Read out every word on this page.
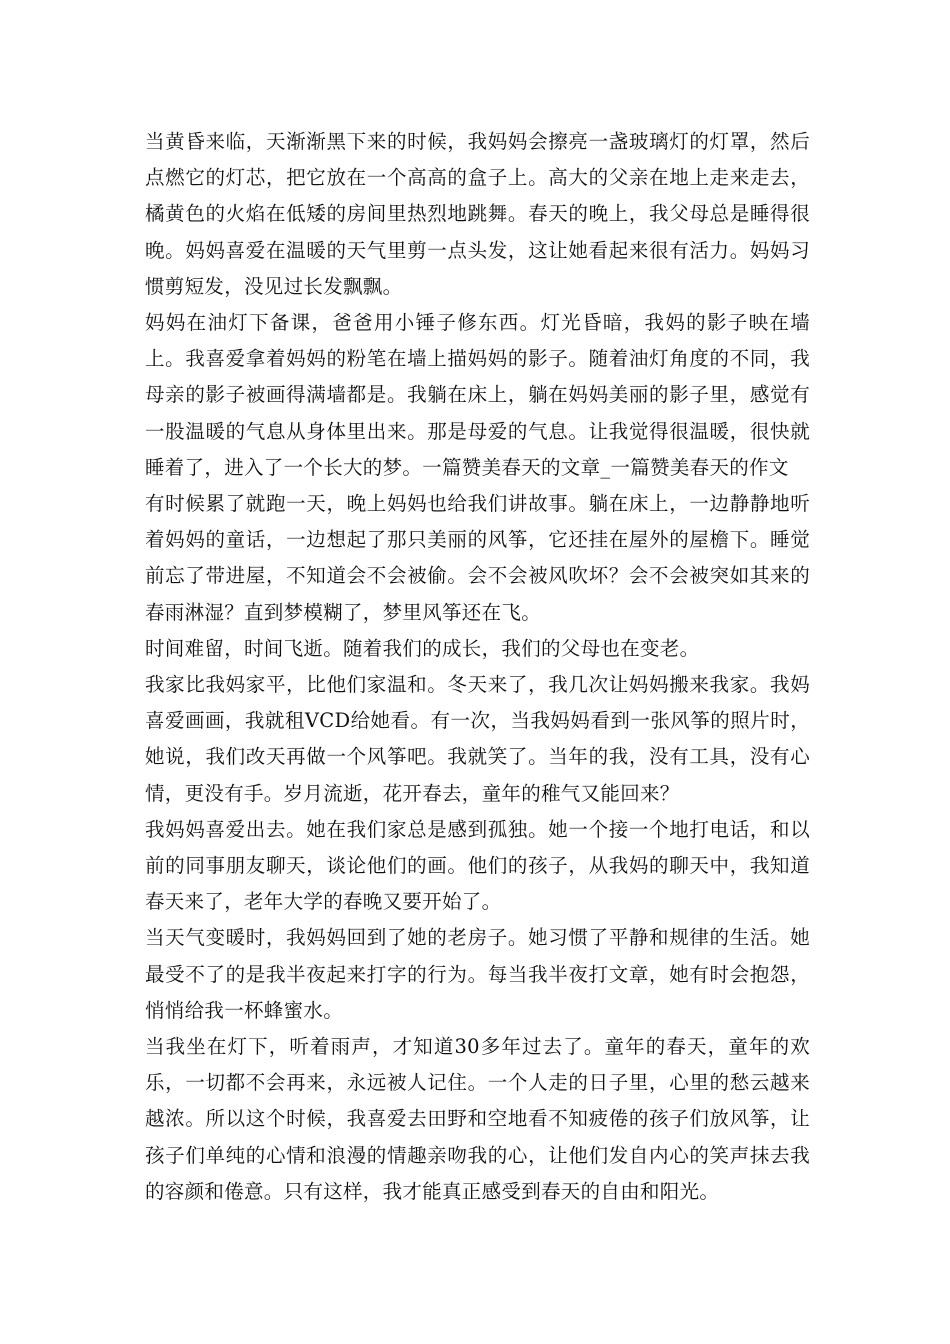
当黄昏来临，天渐渐黑下来的时候，我妈妈会擦亮一盏玻璃灯的灯罩，然后点燃它的灯芯，把它放在一个高高的盒子上。高大的父亲在地上走来走去，橘黄色的火焰在低矮的房间里热烈地跳舞。春天的晚上，我父母总是睡得很晚。妈妈喜爱在温暖的天气里剪一点头发，这让她看起来很有活力。妈妈习惯剪短发，没见过长发飘飘。

妈妈在油灯下备课，爸爸用小锤子修东西。灯光昏暗，我妈的影子映在墙上。我喜爱拿着妈妈的粉笔在墙上描妈妈的影子。随着油灯角度的不同，我母亲的影子被画得满墙都是。我躺在床上，躺在妈妈美丽的影子里，感觉有一股温暖的气息从身体里出来。那是母爱的气息。让我觉得很温暖，很快就睡着了，进入了一个长大的梦。一篇赞美春天的文章_一篇赞美春天的作文

有时候累了就跑一天，晚上妈妈也给我们讲故事。躺在床上，一边静静地听着妈妈的童话，一边想起了那只美丽的风筝，它还挂在屋外的屋檐下。睡觉前忘了带进屋，不知道会不会被偷。会不会被风吹坏？会不会被突如其来的春雨淋湿？直到梦模糊了，梦里风筝还在飞。

时间难留，时间飞逝。随着我们的成长，我们的父母也在变老。

我家比我妈家平，比他们家温和。冬天来了，我几次让妈妈搬来我家。我妈喜爱画画，我就租VCD给她看。有一次，当我妈妈看到一张风筝的照片时，她说，我们改天再做一个风筝吧。我就笑了。当年的我，没有工具，没有心情，更没有手。岁月流逝，花开春去，童年的稚气又能回来？

我妈妈喜爱出去。她在我们家总是感到孤独。她一个接一个地打电话，和以前的同事朋友聊天，谈论他们的画。他们的孩子，从我妈的聊天中，我知道春天来了，老年大学的春晚又要开始了。

当天气变暖时，我妈妈回到了她的老房子。她习惯了平静和规律的生活。她最受不了的是我半夜起来打字的行为。每当我半夜打文章，她有时会抱怨，悄悄给我一杯蜂蜜水。

当我坐在灯下，听着雨声，才知道30多年过去了。童年的春天，童年的欢乐，一切都不会再来，永远被人记住。一个人走的日子里，心里的愁云越来越浓。所以这个时候，我喜爱去田野和空地看不知疲倦的孩子们放风筝，让孩子们单纯的心情和浪漫的情趣亲吻我的心，让他们发自内心的笑声抹去我的容颜和倦意。只有这样，我才能真正感受到春天的自由和阳光。
